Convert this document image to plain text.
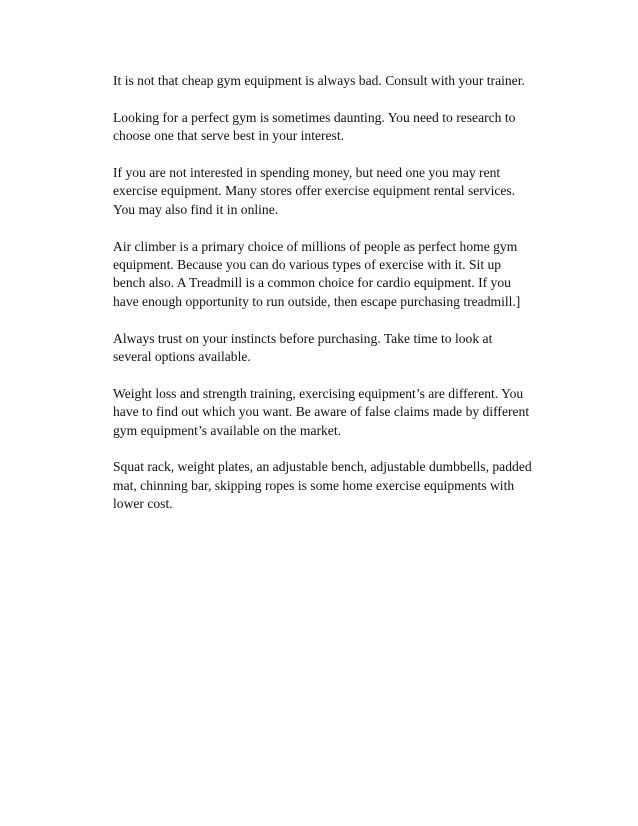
It is not that cheap gym equipment is always bad. Consult with your trainer.

Looking for a perfect gym is sometimes daunting. You need to research to
choose one that serve best in your interest.

If you are not interested in spending money, but need one you may rent
exercise equipment. Many stores offer exercise equipment rental services.
You may also find it in online.

Air climber is a primary choice of millions of people as perfect home gym
equipment. Because you can do various types of exercise with it. Sit up
bench also. A Treadmill is a common choice for cardio equipment. If you
have enough opportunity to run outside, then escape purchasing treadmill.]

Always trust on your instincts before purchasing. Take time to look at
several options available.

Weight loss and strength training, exercising equipment’s are different. You
have to find out which you want. Be aware of false claims made by different
gym equipment’s available on the market.

Squat rack, weight plates, an adjustable bench, adjustable dumbbells, padded
mat, chinning bar, skipping ropes is some home exercise equipments with
lower cost.
